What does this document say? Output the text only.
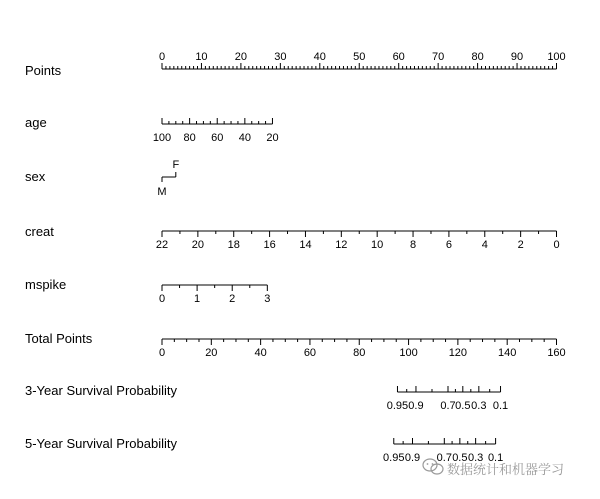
Points
0	10 20 30 40 50 60 70 80 90 100
age
100 80 60 40 20
sex
M
F
creat
22 20 18 16 14 12 10 8	6	4	2	0
mspike
0	1	2	3
Total Points
0	20	40	60	80	100	120	140	160
3-Year Survival Probability
0.95 0.9 0.7 0.5 0.3 0.1
5-Year Survival Probability
0.95 0.9 0.7 0.5 0.3 0.1
数据统计和机器学习
